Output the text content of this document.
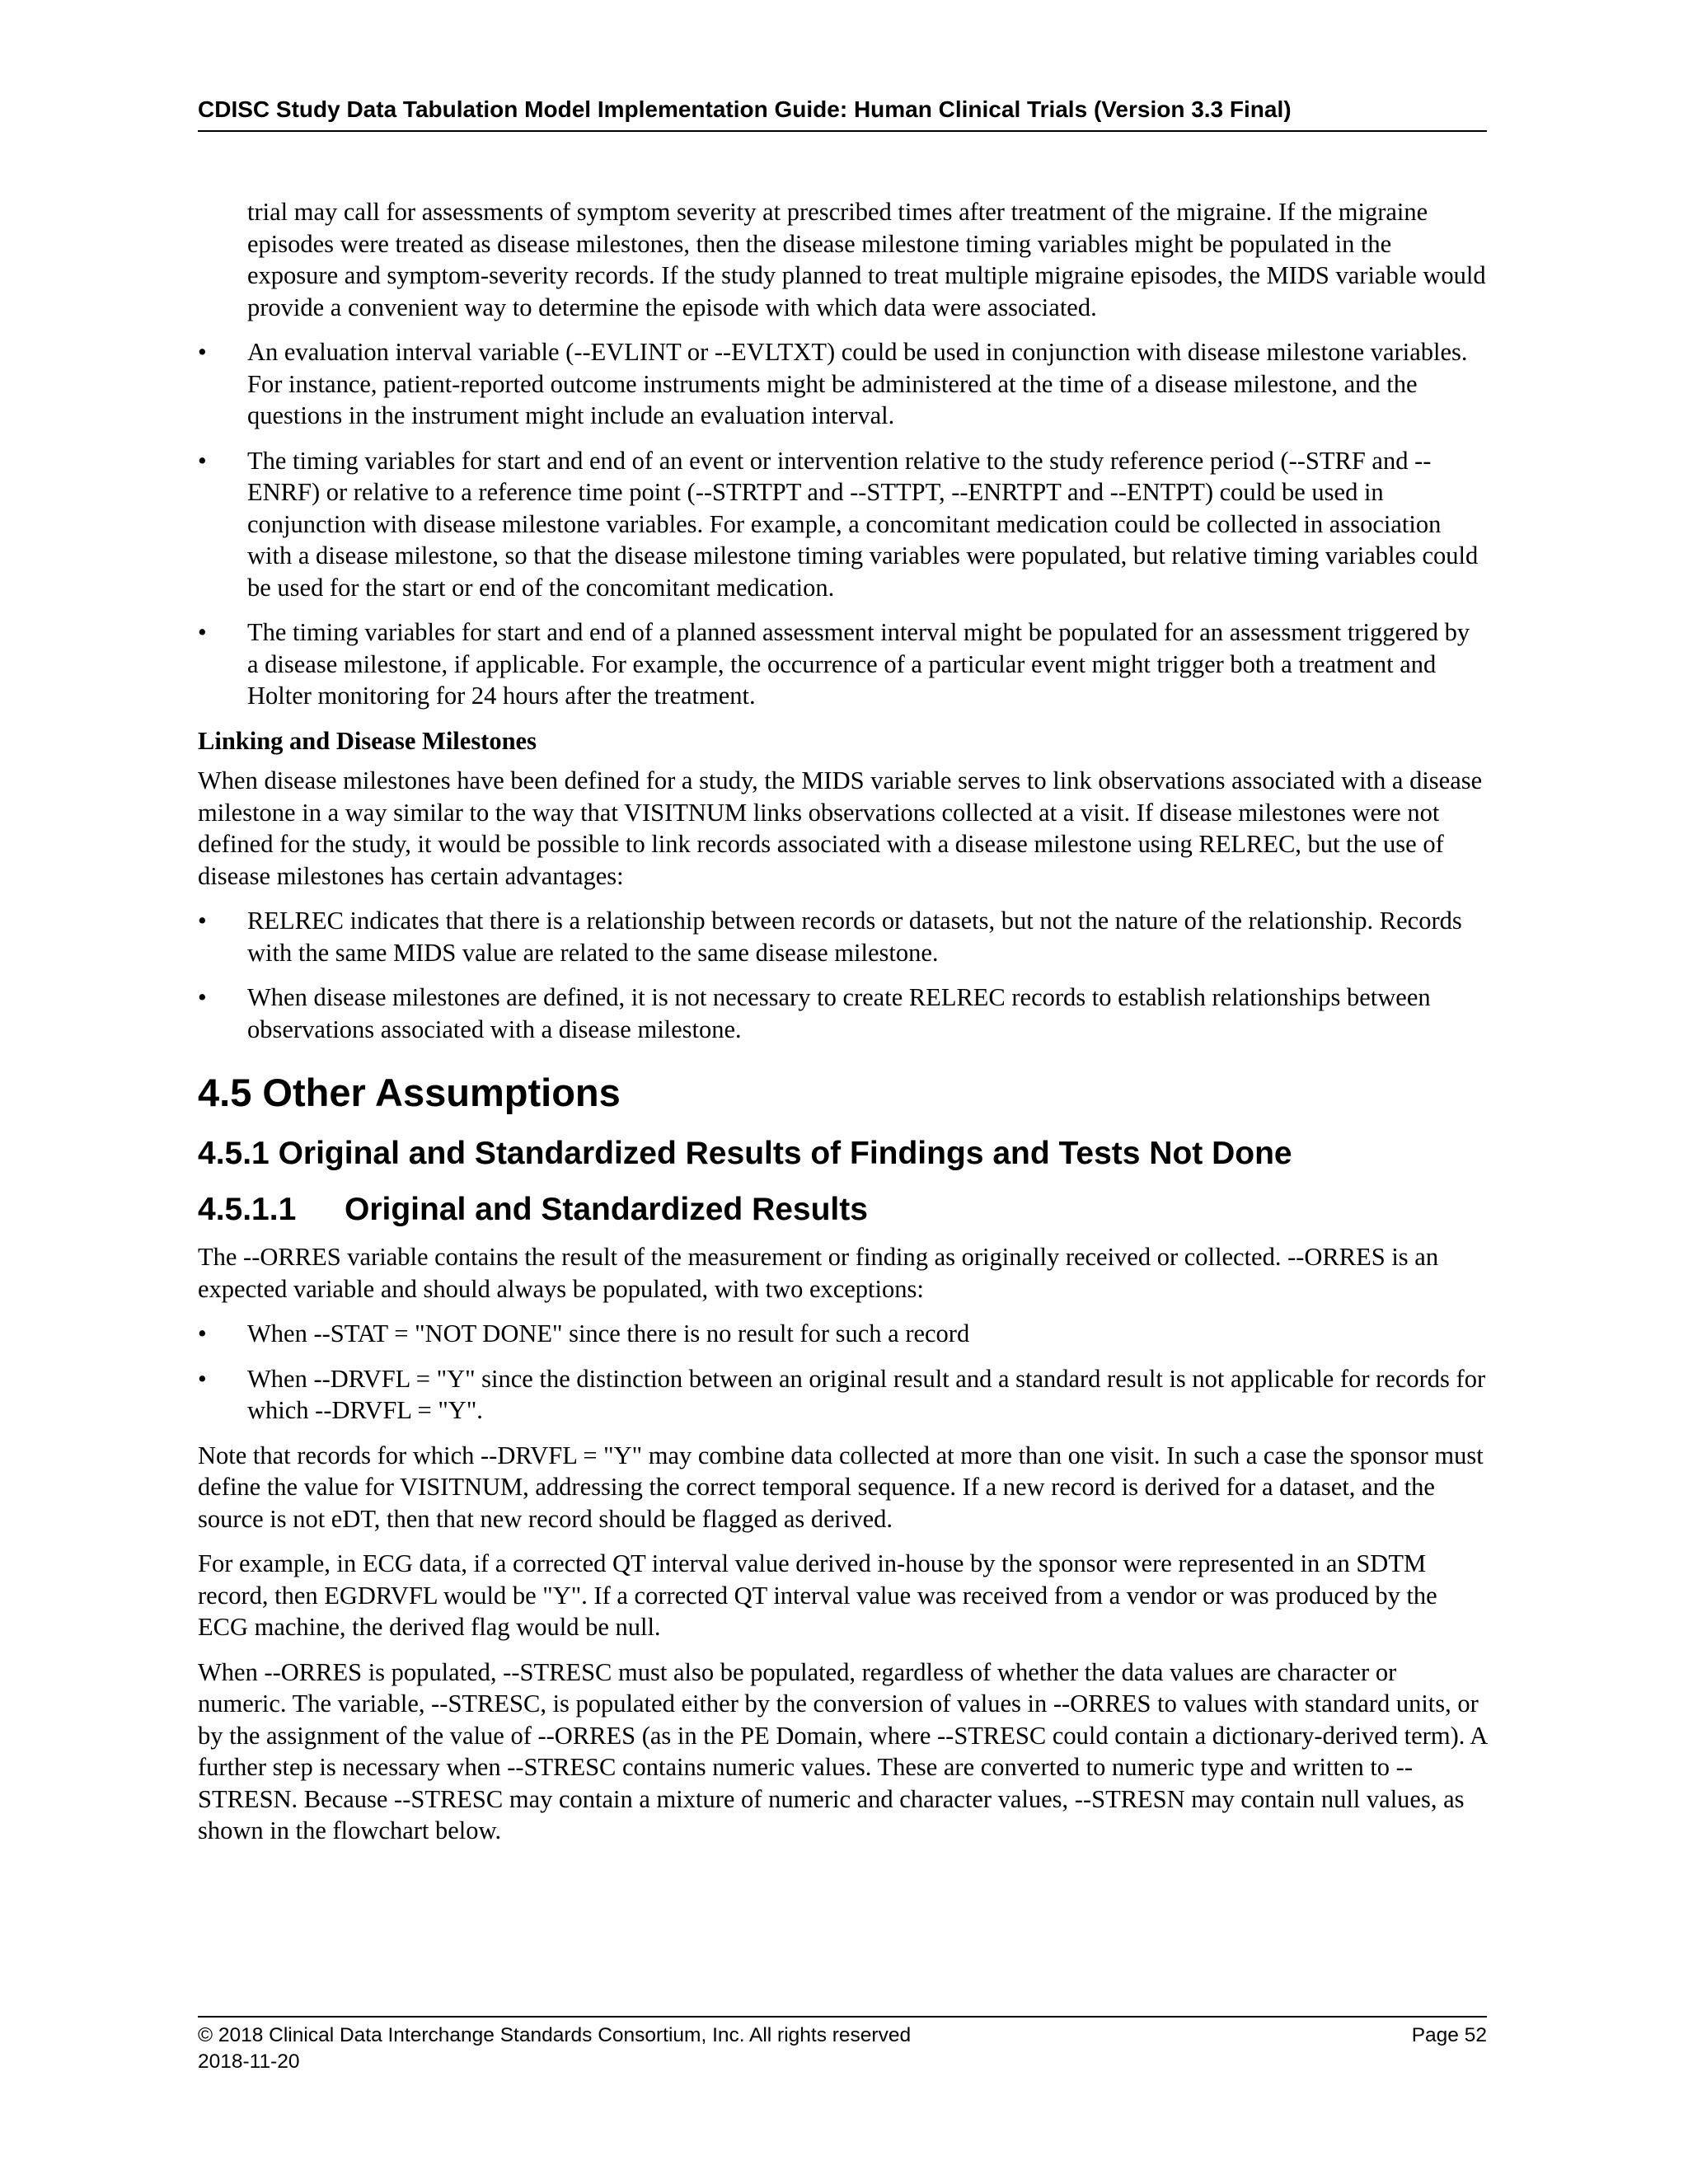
CDISC Study Data Tabulation Model Implementation Guide: Human Clinical Trials (Version 3.3 Final)

trial may call for assessments of symptom severity at prescribed times after treatment of the migraine. If the migraine episodes were treated as disease milestones, then the disease milestone timing variables might be populated in the exposure and symptom-severity records. If the study planned to treat multiple migraine episodes, the MIDS variable would provide a convenient way to determine the episode with which data were associated.

•	An evaluation interval variable (--EVLINT or --EVLTXT) could be used in conjunction with disease milestone variables. For instance, patient-reported outcome instruments might be administered at the time of a disease milestone, and the questions in the instrument might include an evaluation interval.
•	The timing variables for start and end of an event or intervention relative to the study reference period (--STRF and --ENRF) or relative to a reference time point (--STRTPT and --STTPT, --ENRTPT and --ENTPT) could be used in conjunction with disease milestone variables. For example, a concomitant medication could be collected in association with a disease milestone, so that the disease milestone timing variables were populated, but relative timing variables could be used for the start or end of the concomitant medication.
•	The timing variables for start and end of a planned assessment interval might be populated for an assessment triggered by a disease milestone, if applicable. For example, the occurrence of a particular event might trigger both a treatment and Holter monitoring for 24 hours after the treatment.
Linking and Disease Milestones

When disease milestones have been defined for a study, the MIDS variable serves to link observations associated with a disease milestone in a way similar to the way that VISITNUM links observations collected at a visit. If disease milestones were not defined for the study, it would be possible to link records associated with a disease milestone using RELREC, but the use of disease milestones has certain advantages:

•	RELREC indicates that there is a relationship between records or datasets, but not the nature of the relationship. Records with the same MIDS value are related to the same disease milestone.
•	When disease milestones are defined, it is not necessary to create RELREC records to establish relationships between observations associated with a disease milestone.
4.5 Other Assumptions
4.5.1 Original and Standardized Results of Findings and Tests Not Done
4.5.1.1 Original and Standardized Results

The --ORRES variable contains the result of the measurement or finding as originally received or collected. --ORRES is an expected variable and should always be populated, with two exceptions:

•	When --STAT = "NOT DONE" since there is no result for such a record
•	When --DRVFL = "Y" since the distinction between an original result and a standard result is not applicable for records for which --DRVFL = "Y".

Note that records for which --DRVFL = "Y" may combine data collected at more than one visit. In such a case the sponsor must define the value for VISITNUM, addressing the correct temporal sequence. If a new record is derived for a dataset, and the source is not eDT, then that new record should be flagged as derived.

For example, in ECG data, if a corrected QT interval value derived in-house by the sponsor were represented in an SDTM record, then EGDRVFL would be "Y". If a corrected QT interval value was received from a vendor or was produced by the ECG machine, the derived flag would be null.

When --ORRES is populated, --STRESC must also be populated, regardless of whether the data values are character or numeric. The variable, --STRESC, is populated either by the conversion of values in --ORRES to values with standard units, or by the assignment of the value of --ORRES (as in the PE Domain, where --STRESC could contain a dictionary-derived term). A further step is necessary when --STRESC contains numeric values. These are converted to numeric type and written to --STRESN. Because --STRESC may contain a mixture of numeric and character values, --STRESN may contain null values, as shown in the flowchart below.

© 2018 Clinical Data Interchange Standards Consortium, Inc. All rights reserved	Page 52
2018-11-20
